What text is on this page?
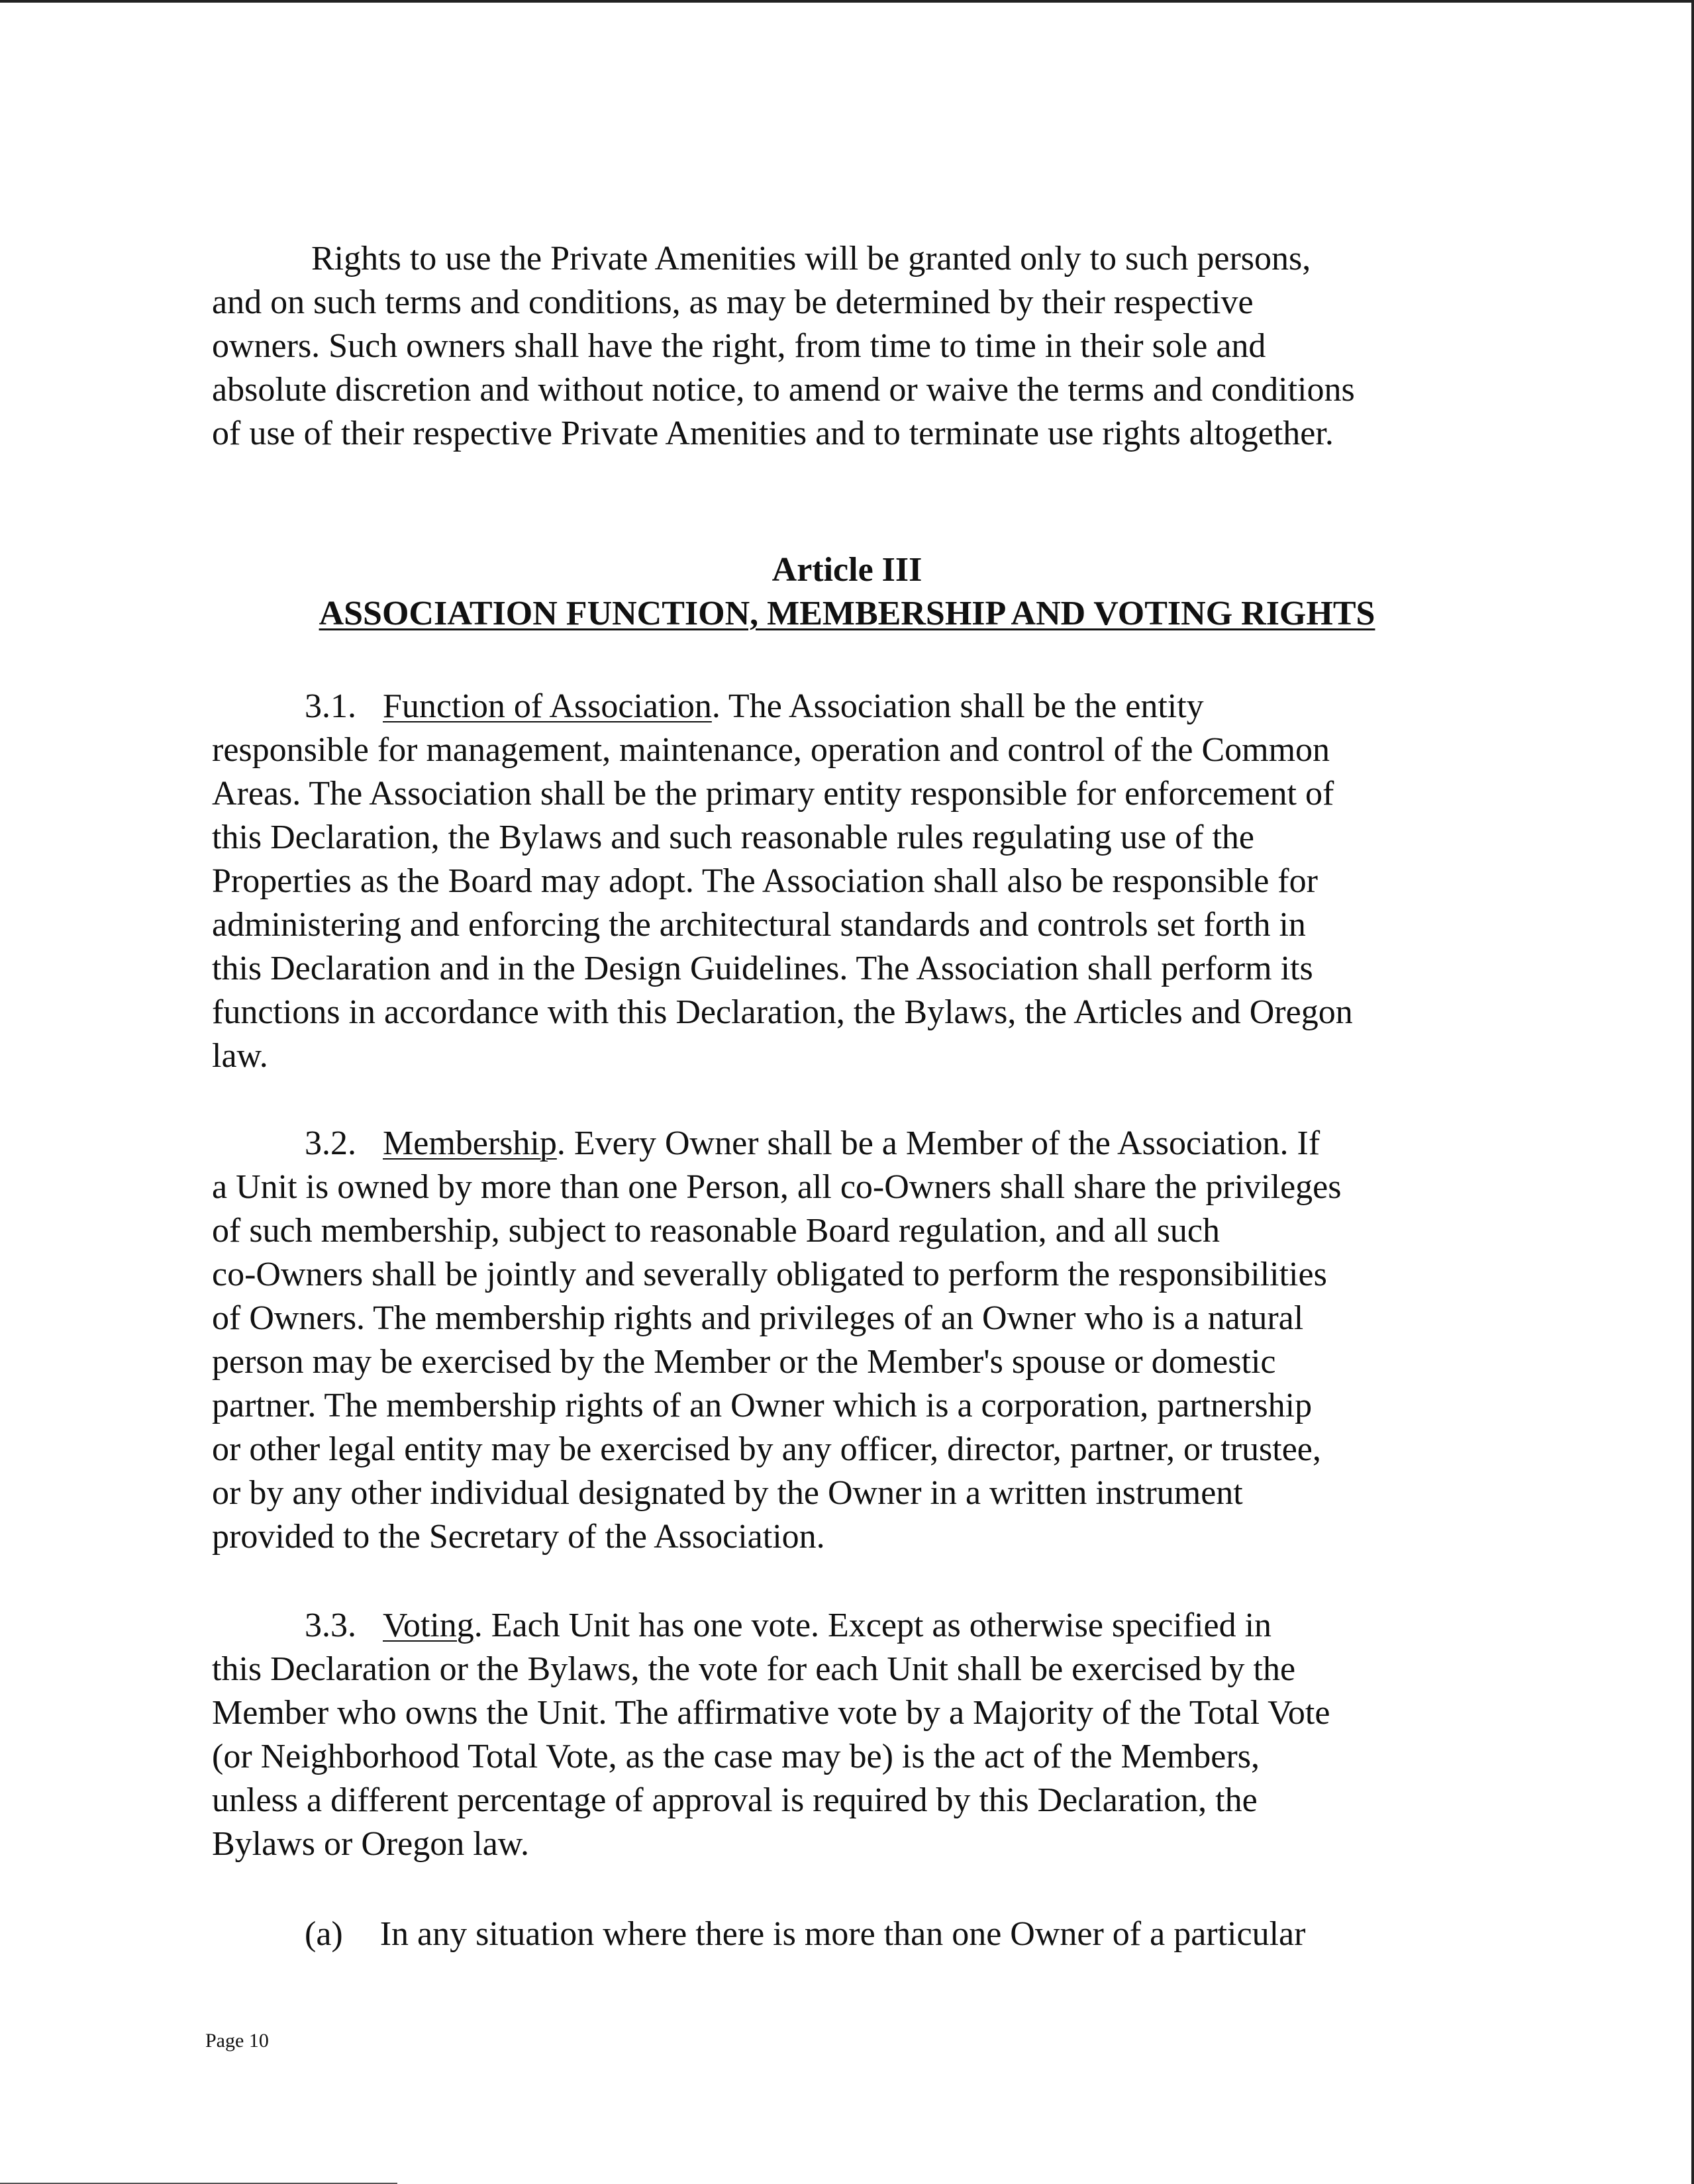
Rights to use the Private Amenities will be granted only to such persons,
and on such terms and conditions, as may be determined by their respective
owners. Such owners shall have the right, from time to time in their sole and
absolute discretion and without notice, to amend or waive the terms and conditions
of use of their respective Private Amenities and to terminate use rights altogether.

Article III

ASSOCIATION FUNCTION, MEMBERSHIP AND VOTING RIGHTS

3.1. Function of Association. The Association shall be the entity
responsible for management, maintenance, operation and control of the Common
Areas. The Association shall be the primary entity responsible for enforcement of
this Declaration, the Bylaws and such reasonable rules regulating use of the
Properties as the Board may adopt. The Association shall also be responsible for
administering and enforcing the architectural standards and controls set forth in
this Declaration and in the Design Guidelines. The Association shall perform its
functions in accordance with this Declaration, the Bylaws, the Articles and Oregon
law.

3.2. Membership. Every Owner shall be a Member of the Association. If
a Unit is owned by more than one Person, all co-Owners shall share the privileges
of such membership, subject to reasonable Board regulation, and all such
co-Owners shall be jointly and severally obligated to perform the responsibilities
of Owners. The membership rights and privileges of an Owner who is a natural
person may be exercised by the Member or the Member's spouse or domestic
partner. The membership rights of an Owner which is a corporation, partnership
or other legal entity may be exercised by any officer, director, partner, or trustee,
or by any other individual designated by the Owner in a written instrument
provided to the Secretary of the Association.

3.3. Voting. Each Unit has one vote. Except as otherwise specified in
this Declaration or the Bylaws, the vote for each Unit shall be exercised by the
Member who owns the Unit. The affirmative vote by a Majority of the Total Vote
(or Neighborhood Total Vote, as the case may be) is the act of the Members,
unless a different percentage of approval is required by this Declaration, the
Bylaws or Oregon law.

(a) In any situation where there is more than one Owner of a particular

Page 10
